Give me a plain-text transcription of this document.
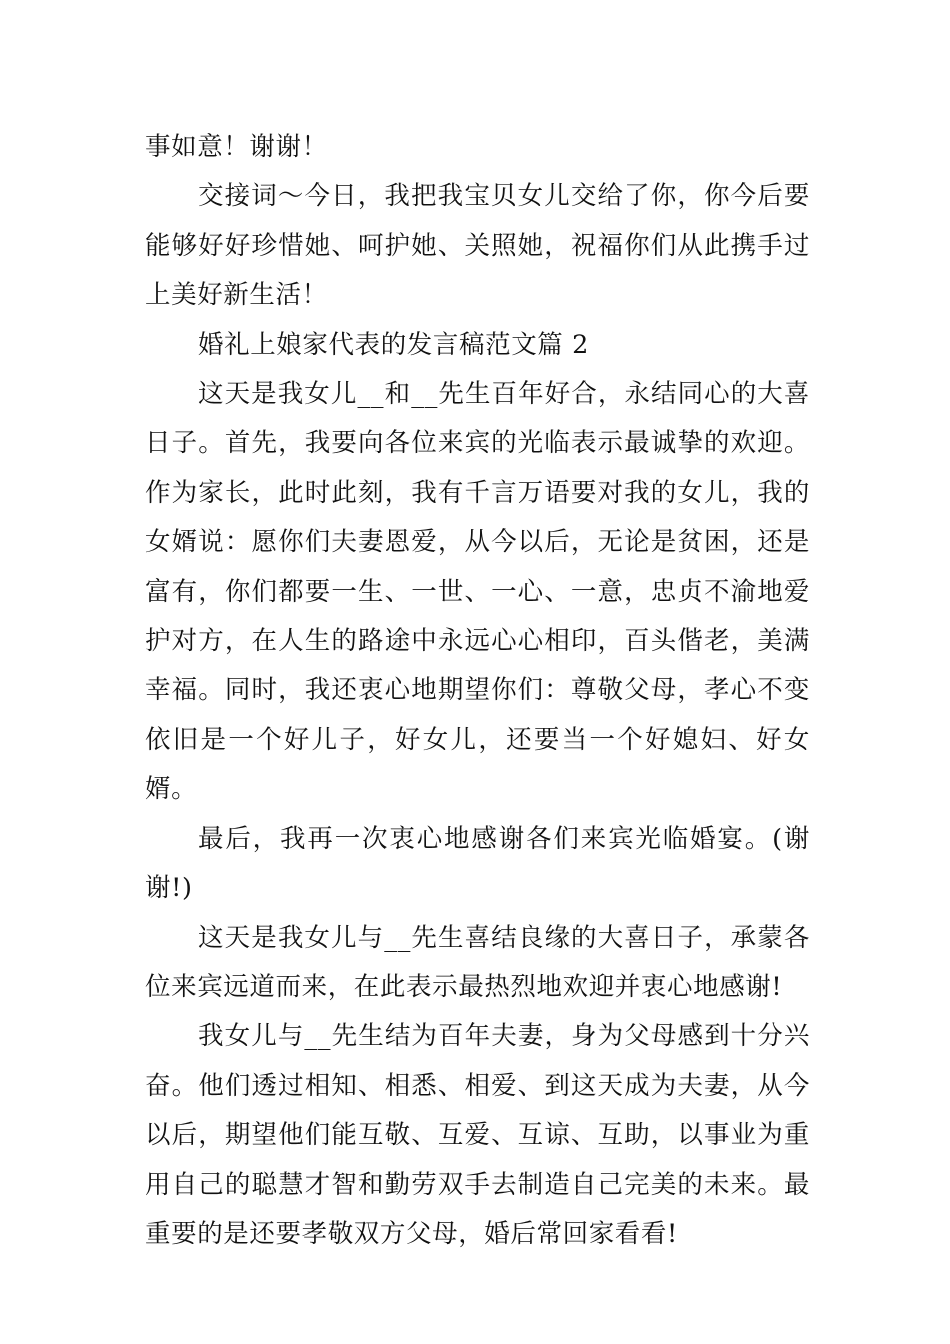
事如意！谢谢！

交接词～今日，我把我宝贝女儿交给了你，你今后要能够好好珍惜她、呵护她、关照她，祝福你们从此携手过上美好新生活！

婚礼上娘家代表的发言稿范文篇 2

这天是我女儿__和__先生百年好合，永结同心的大喜日子。首先，我要向各位来宾的光临表示最诚挚的欢迎。作为家长，此时此刻，我有千言万语要对我的女儿，我的女婿说：愿你们夫妻恩爱，从今以后，无论是贫困，还是富有，你们都要一生、一世、一心、一意，忠贞不渝地爱护对方，在人生的路途中永远心心相印，百头偕老，美满幸福。同时，我还衷心地期望你们：尊敬父母，孝心不变依旧是一个好儿子，好女儿，还要当一个好媳妇、好女婿。

最后，我再一次衷心地感谢各们来宾光临婚宴。(谢谢!)

这天是我女儿与__先生喜结良缘的大喜日子，承蒙各位来宾远道而来，在此表示最热烈地欢迎并衷心地感谢!

我女儿与__先生结为百年夫妻，身为父母感到十分兴奋。他们透过相知、相悉、相爱、到这天成为夫妻，从今以后，期望他们能互敬、互爱、互谅、互助，以事业为重用自己的聪慧才智和勤劳双手去制造自己完美的未来。最重要的是还要孝敬双方父母，婚后常回家看看!
